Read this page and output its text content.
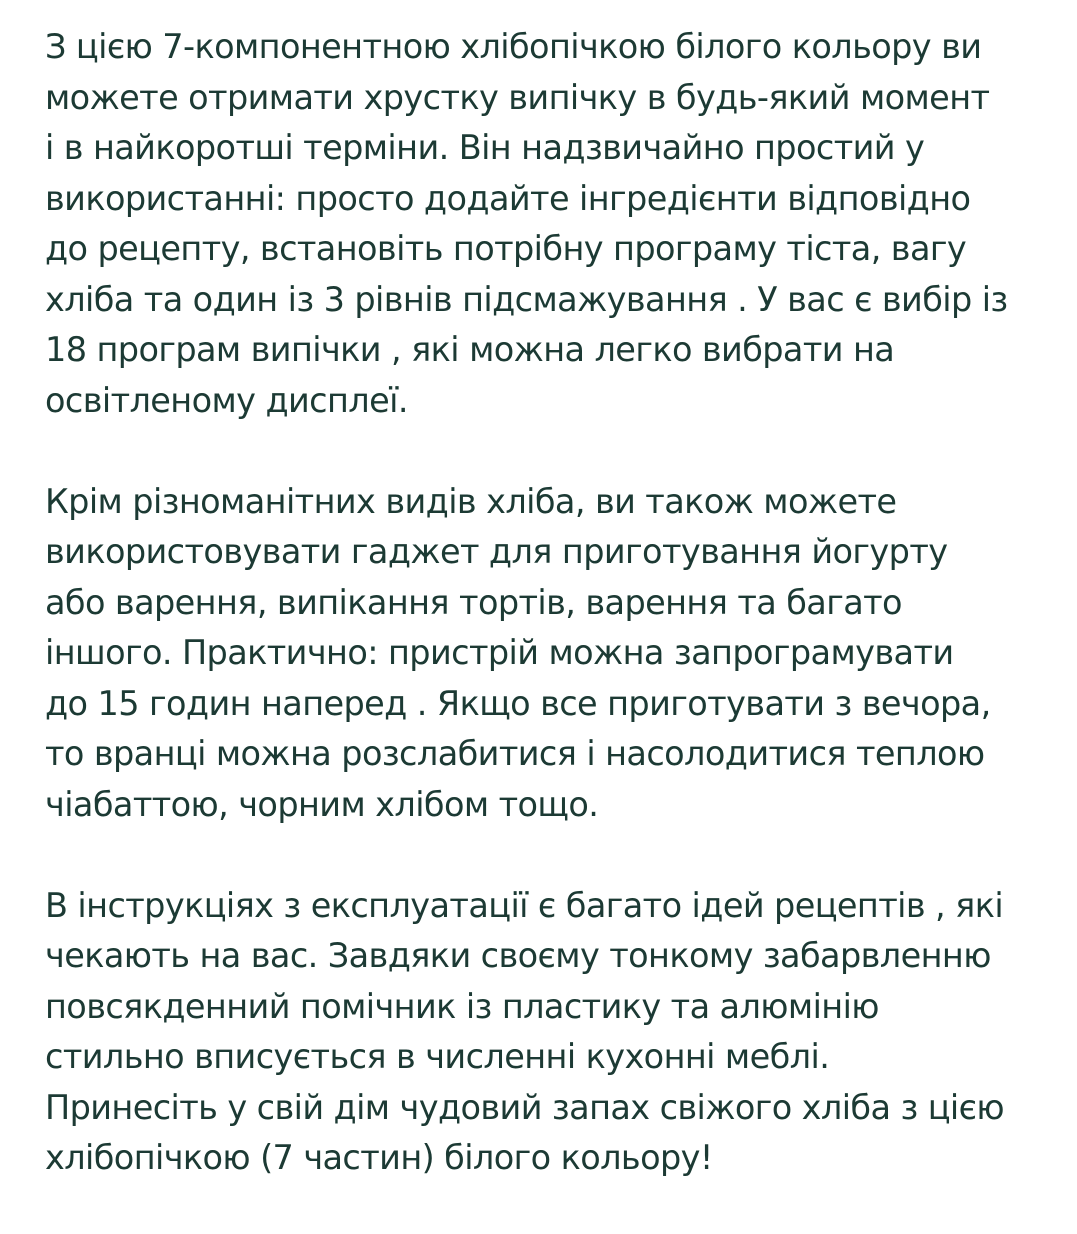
З цією 7-компонентною хлібопічкою білого кольору ви
можете отримати хрустку випічку в будь-який момент
і в найкоротші терміни. Він надзвичайно простий у
використанні: просто додайте інгредієнти відповідно
до рецепту, встановіть потрібну програму тіста, вагу
хліба та один із 3 рівнів підсмажування . У вас є вибір із
18 програм випічки , які можна легко вибрати на
освітленому дисплеї.

Крім різноманітних видів хліба, ви також можете
використовувати гаджет для приготування йогурту
або варення, випікання тортів, варення та багато
іншого. Практично: пристрій можна запрограмувати
до 15 годин наперед . Якщо все приготувати з вечора,
то вранці можна розслабитися і насолодитися теплою
чіабаттою, чорним хлібом тощо.

В інструкціях з експлуатації є багато ідей рецептів , які
чекають на вас. Завдяки своєму тонкому забарвленню
повсякденний помічник із пластику та алюмінію
стильно вписується в численні кухонні меблі.
Принесіть у свій дім чудовий запах свіжого хліба з цією
хлібопічкою (7 частин) білого кольору!
